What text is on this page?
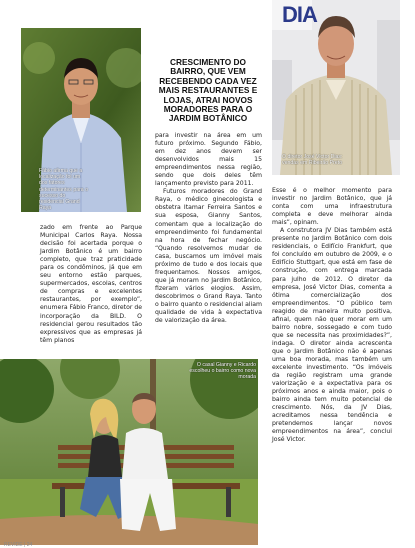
Fábio afirma que a localização foi um dos fatores determinantes para o sucesso do residencial Grand Raya
DIA
O diretor José Victor Dias: vendas em Ribeirão Preto
O casal Gianny e Ricardo escolheu o bairro como nova morada
CRESCIMENTO DO BAIRRO, QUE VEM RECEBENDO CADA VEZ MAIS RESTAURANTES E LOJAS, ATRAI NOVOS MORADORES PARA O JARDIM BOTÂNICO

zado em frente ao Parque Municipal Carlos Raya. Nossa decisão foi acertada porque o Jardim Botânico é um bairro completo, que traz praticidade para os condôminos, já que em seu entorno estão parques, supermercados, escolas, centros de compras e excelentes restaurantes, por exemplo”, enumera Fábio Franco, diretor de incorporação da BILD. O residencial gerou resultados tão expressivos que as empresas já têm planos

para investir na área em um futuro próximo. Segundo Fábio, em dez anos devem ser desenvolvidos mais 15 empreendimentos nessa região, sendo que dois deles têm lançamento previsto para 2011.

Futuros moradores do Grand Raya, o médico ginecologista e obstetra Itamar Ferreira Santos e sua esposa, Gianny Santos, comentam que a localização do empreendimento foi fundamental na hora de fechar negócio. “Quando resolvemos mudar de casa, buscamos um imóvel mais próximo de tudo e dos locais que frequentamos. Nossos amigos, que já moram no Jardim Botânico, fizeram vários elogios. Assim, descobrimos o Grand Raya. Tanto o bairro quanto o residencial aliam qualidade de vida à expectativa de valorização da área.

Esse é o melhor momento para investir no Jardim Botânico, que já conta com uma infraestrutura completa e deve melhorar ainda mais”, opinam.

A construtora JV Dias também está presente no Jardim Botânico com dois residenciais, o Edifício Frankfurt, que foi concluído em outubro de 2009, e o Edifício Stuttgart, que está em fase de construção, com entrega marcada para julho de 2012. O diretor da empresa, José Victor Dias, comenta a ótima comercialização dos empreendimentos. “O público tem reagido de maneira muito positiva, afinal, quem não quer morar em um bairro nobre, sossegado e com tudo que se necessita nas proximidades?”, indaga. O diretor ainda acrescenta que o Jardim Botânico não é apenas uma boa morada, mas também um excelente investimento. “Os imóveis da região registram uma grande valorização e a expectativa para os próximos anos e ainda maior, pois o bairro ainda tem muito potencial de crescimento. Nós, da JV Dias, acreditamos nessa tendência e pretendemos lançar novos empreendimentos na área”, conclui José Victor.

REVIDE | 24
